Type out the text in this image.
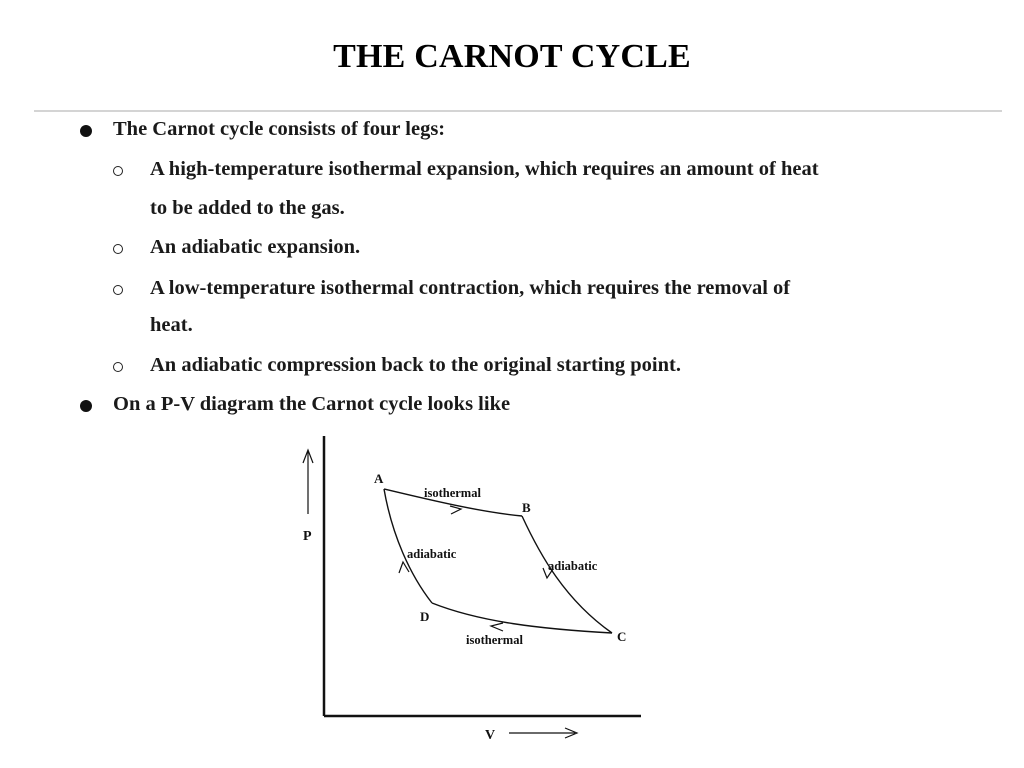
THE CARNOT CYCLE
The Carnot cycle consists of four legs:
A high-temperature isothermal expansion, which requires an amount of heat
to be added to the gas.
An adiabatic expansion.
A low-temperature isothermal contraction, which requires the removal of
heat.
An adiabatic compression back to the original starting point.
On a P-V diagram the Carnot cycle looks like
P
V
A
B
C
D
isothermal
adiabatic
isothermal
adiabatic
